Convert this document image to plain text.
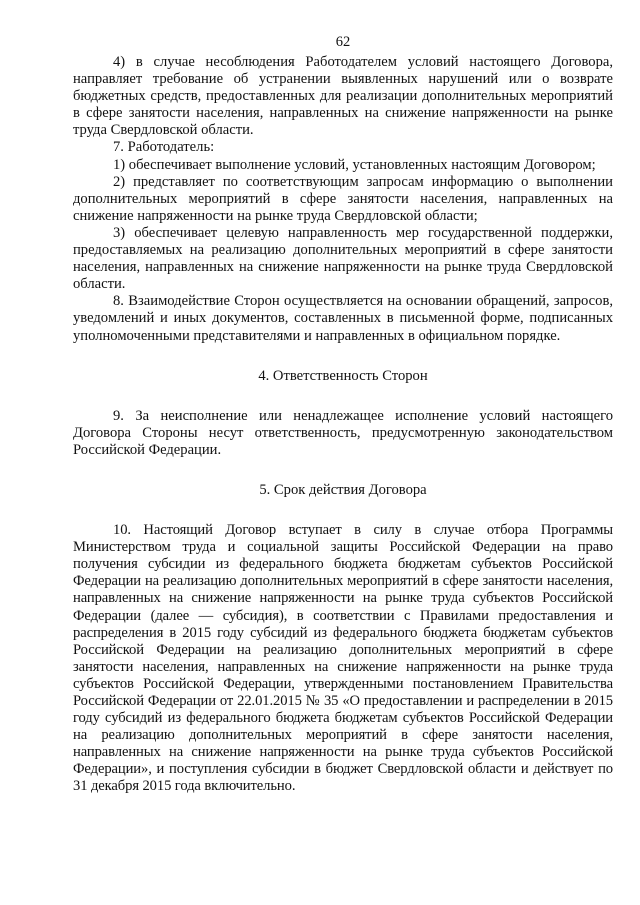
62

4) в случае несоблюдения Работодателем условий настоящего Договора, направляет требование об устранении выявленных нарушений или о возврате бюджетных средств, предоставленных для реализации дополнительных мероприятий в сфере занятости населения, направленных на снижение напряженности на рынке труда Свердловской области.

7. Работодатель:

1) обеспечивает выполнение условий, установленных настоящим Договором;

2) представляет по соответствующим запросам информацию о выполнении дополнительных мероприятий в сфере занятости населения, направленных на снижение напряженности на рынке труда Свердловской области;

3) обеспечивает целевую направленность мер государственной поддержки, предоставляемых на реализацию дополнительных мероприятий в сфере занятости населения, направленных на снижение напряженности на рынке труда Свердловской области.

8. Взаимодействие Сторон осуществляется на основании обращений, запросов, уведомлений и иных документов, составленных в письменной форме, подписанных уполномоченными представителями и направленных в официальном порядке.

4. Ответственность Сторон

9. За неисполнение или ненадлежащее исполнение условий настоящего Договора Стороны несут ответственность, предусмотренную законодательством Российской Федерации.

5. Срок действия Договора

10. Настоящий Договор вступает в силу в случае отбора Программы Министерством труда и социальной защиты Российской Федерации на право получения субсидии из федерального бюджета бюджетам субъектов Российской Федерации на реализацию дополнительных мероприятий в сфере занятости населения, направленных на снижение напряженности на рынке труда субъектов Российской Федерации (далее — субсидия), в соответствии с Правилами предоставления и распределения в 2015 году субсидий из федерального бюджета бюджетам субъектов Российской Федерации на реализацию дополнительных мероприятий в сфере занятости населения, направленных на снижение напряженности на рынке труда субъектов Российской Федерации, утвержденными постановлением Правительства Российской Федерации от 22.01.2015 № 35 «О предоставлении и распределении в 2015 году субсидий из федерального бюджета бюджетам субъектов Российской Федерации на реализацию дополнительных мероприятий в сфере занятости населения, направленных на снижение напряженности на рынке труда субъектов Российской Федерации», и поступления субсидии в бюджет Свердловской области и действует по 31 декабря 2015 года включительно.
